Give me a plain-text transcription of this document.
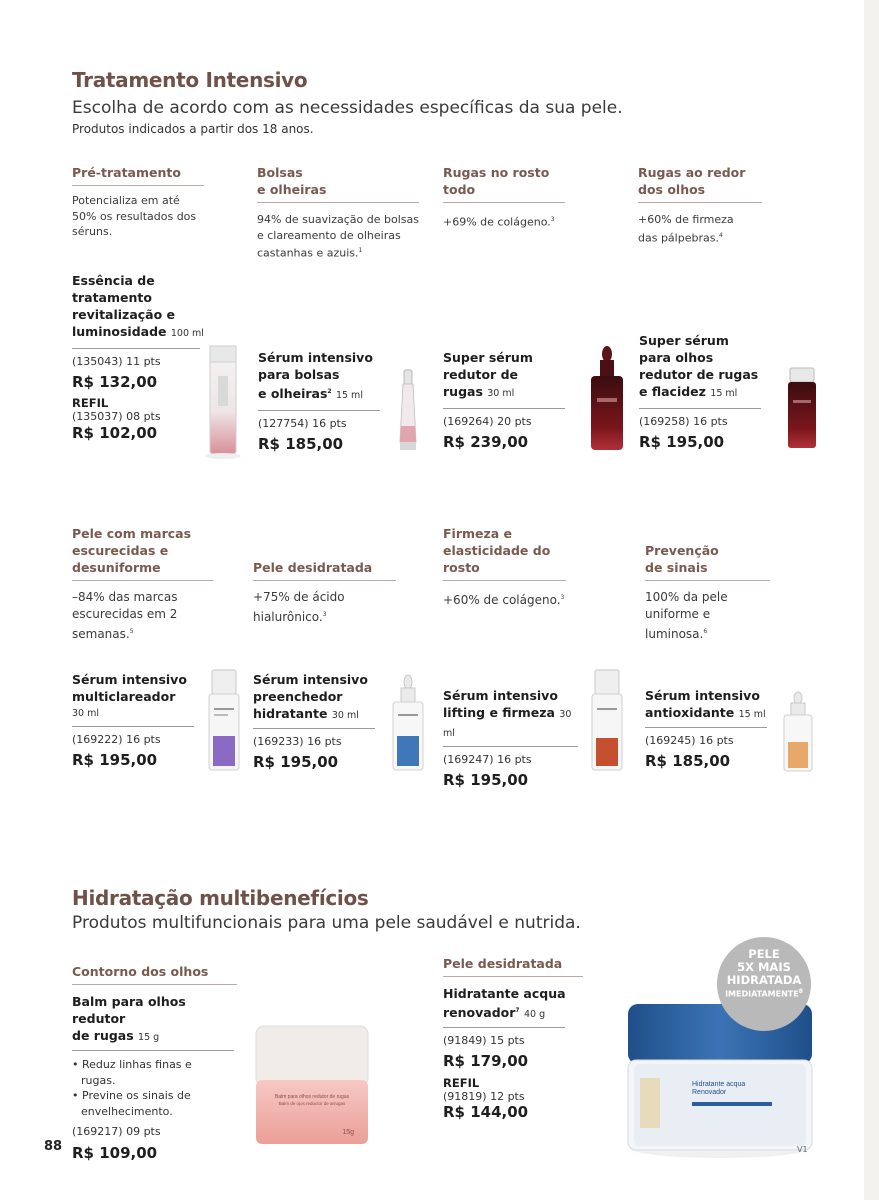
Tratamento Intensivo
Escolha de acordo com as necessidades específicas da sua pele.
Produtos indicados a partir dos 18 anos.
Pré-tratamento
Potencializa em até
50% os resultados dos
séruns.
Bolsas
e olheiras
94% de suavização de bolsas
e clareamento de olheiras
castanhas e azuis.$^1$
Rugas no rosto
todo
+69% de colágeno.$^3$
Rugas ao redor
dos olhos
+60% de firmeza
das pálpebras.$^4$
Essência de
tratamento
revitalização e
luminosidade 100 ml
(135043) 11 pts
R$ 132,00
REFIL
(135037) 08 pts
R$ 102,00
Sérum intensivo
para bolsas
e olheiras$^2$ 15 ml
(127754) 16 pts
R$ 185,00
Super sérum
redutor de
rugas 30 ml
(169264) 20 pts
R$ 239,00
Super sérum
para olhos
redutor de rugas
e flacidez 15 ml
(169258) 16 pts
R$ 195,00
Pele com marcas
escurecidas e
desuniforme
–84% das marcas
escurecidas em 2
semanas.$^5$
Pele desidratada
+75% de ácido
hialurônico.$^3$
Firmeza e
elasticidade do
rosto
+60% de colágeno.$^3$
Prevenção
de sinais
100% da pele
uniforme e luminosa.$^6$
Sérum intensivo
multiclareador
30 ml
(169222) 16 pts
R$ 195,00
Sérum intensivo
preenchedor
hidratante 30 ml
(169233) 16 pts
R$ 195,00
Sérum intensivo
lifting e firmeza 30 ml
(169247) 16 pts
R$ 195,00
Sérum intensivo
antioxidante 15 ml
(169245) 16 pts
R$ 185,00
Hidratação multibenefícios
Produtos multifuncionais para uma pele saudável e nutrida.
Contorno dos olhos
Balm para olhos redutor
de rugas 15 g
• Reduz linhas finas e
rugas.
• Previne os sinais de
envelhecimento.
(169217) 09 pts
R$ 109,00
Balm para olhos redutor de rugas
Balm de ojos reductor de arrugas
15g
Pele desidratada
Hidratante acqua
renovador$^7$ 40 g
(91849) 15 pts
R$ 179,00
REFIL
(91819) 12 pts
R$ 144,00
Hidratante acqua
Renovador
PELE
5X MAIS
HIDRATADA
IMEDIATAMENTE$^8$
88	V1
